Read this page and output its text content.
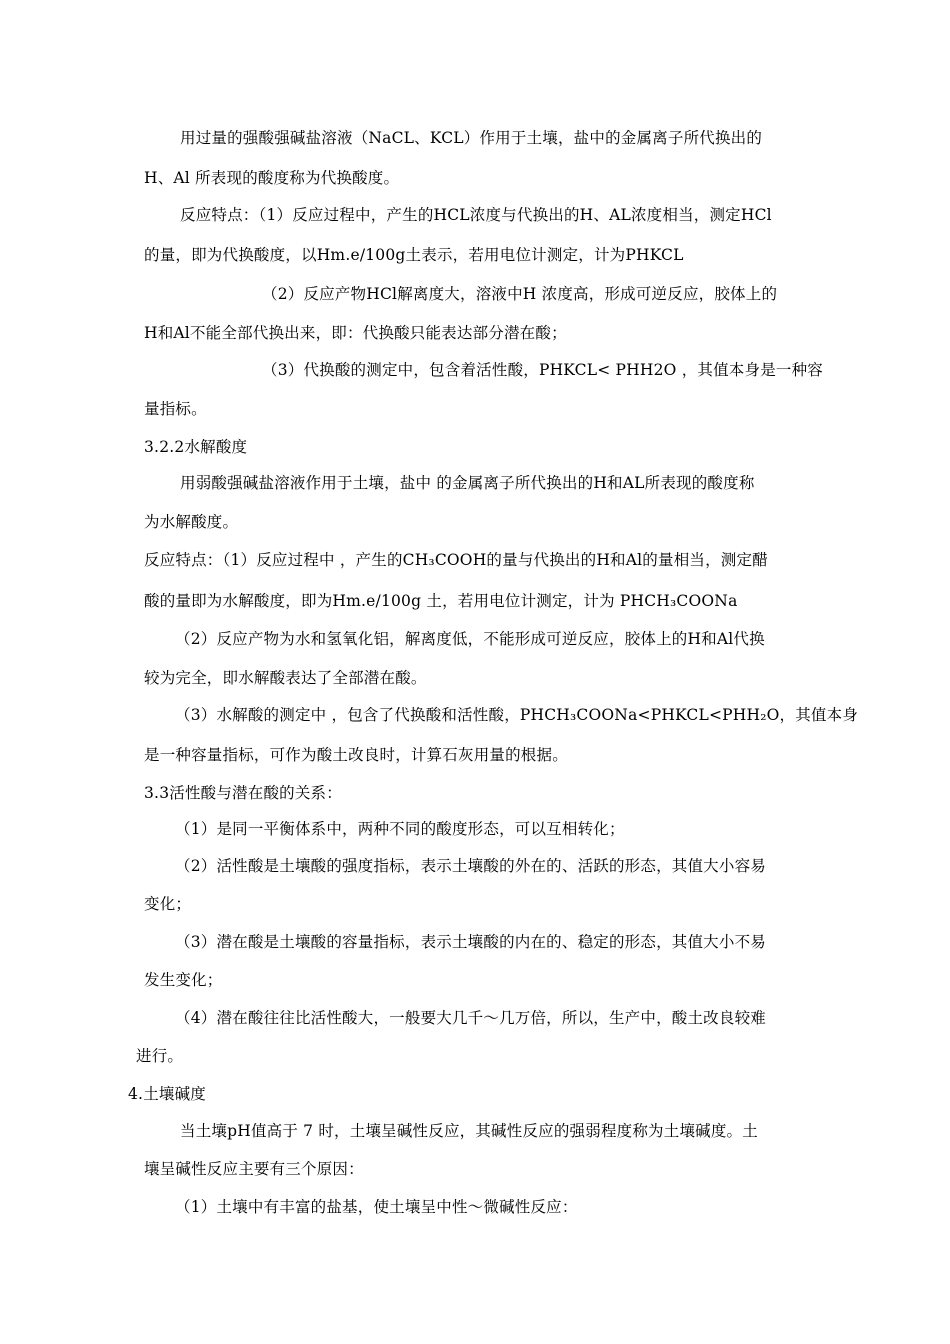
用过量的强酸强碱盐溶液（NaCL、KCL）作用于土壤，盐中的金属离子所代换出的
H、Al 所表现的酸度称为代换酸度。
反应特点：（1）反应过程中，产生的HCL浓度与代换出的H、AL浓度相当，测定HCl
的量，即为代换酸度，以Hm.e/100g土表示，若用电位计测定，计为PHKCL
（2）反应产物HCl解离度大，溶液中H 浓度高，形成可逆反应，胶体上的
H和Al不能全部代换出来，即：代换酸只能表达部分潜在酸；
（3）代换酸的测定中，包含着活性酸，PHKCL< PHH2O ，其值本身是一种容
量指标。
3.2.2水解酸度
用弱酸强碱盐溶液作用于土壤，盐中 的金属离子所代换出的H和AL所表现的酸度称
为水解酸度。
反应特点：（1）反应过程中 ，产生的CH₃COOH的量与代换出的H和Al的量相当，测定醋
酸的量即为水解酸度，即为Hm.e/100g 土，若用电位计测定，计为 PHCH₃COONa
（2）反应产物为水和氢氧化铝，解离度低，不能形成可逆反应，胶体上的H和Al代换
较为完全，即水解酸表达了全部潜在酸。
（3）水解酸的测定中 ，包含了代换酸和活性酸，PHCH₃COONa<PHKCL<PHH₂O，其值本身
是一种容量指标，可作为酸土改良时，计算石灰用量的根据。
3.3活性酸与潜在酸的关系：
（1）是同一平衡体系中，两种不同的酸度形态，可以互相转化；
（2）活性酸是土壤酸的强度指标，表示土壤酸的外在的、活跃的形态，其值大小容易
变化；
（3）潜在酸是土壤酸的容量指标，表示土壤酸的内在的、稳定的形态，其值大小不易
发生变化；
（4）潜在酸往往比活性酸大，一般要大几千～几万倍，所以，生产中，酸土改良较难
进行。
4.土壤碱度
当土壤pH值高于 7 时，土壤呈碱性反应，其碱性反应的强弱程度称为土壤碱度。土
壤呈碱性反应主要有三个原因：
（1）土壤中有丰富的盐基，使土壤呈中性～微碱性反应：
